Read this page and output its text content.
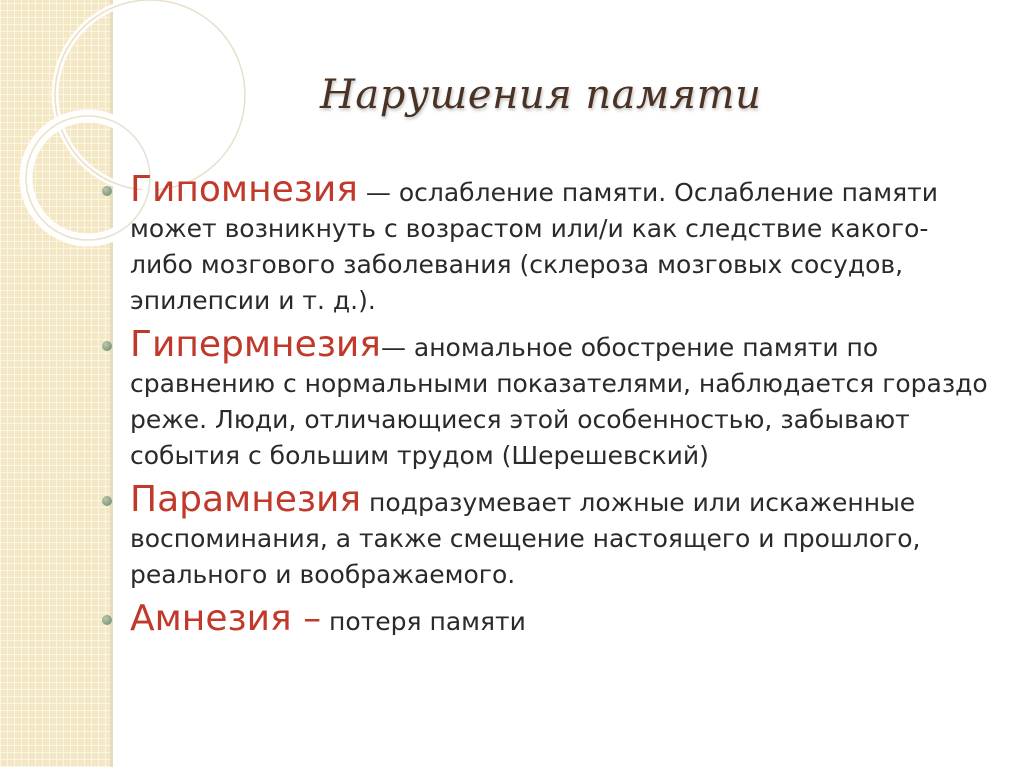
Нарушения памяти
Гипомнезия — ослабление памяти. Ослабление памяти может возникнуть с возрастом или/и как следствие какого-либо мозгового заболевания (склероза мозговых сосудов, эпилепсии и т. д.).
Гипермнезия— аномальное обострение памяти по сравнению с нормальными показателями, наблюдается гораздо реже. Люди, отличающиеся этой особенностью, забывают события с большим трудом (Шерешевский)
Парамнезия подразумевает ложные или искаженные воспоминания, а также смещение настоящего и прошлого, реального и воображаемого.
Амнезия – потеря памяти
